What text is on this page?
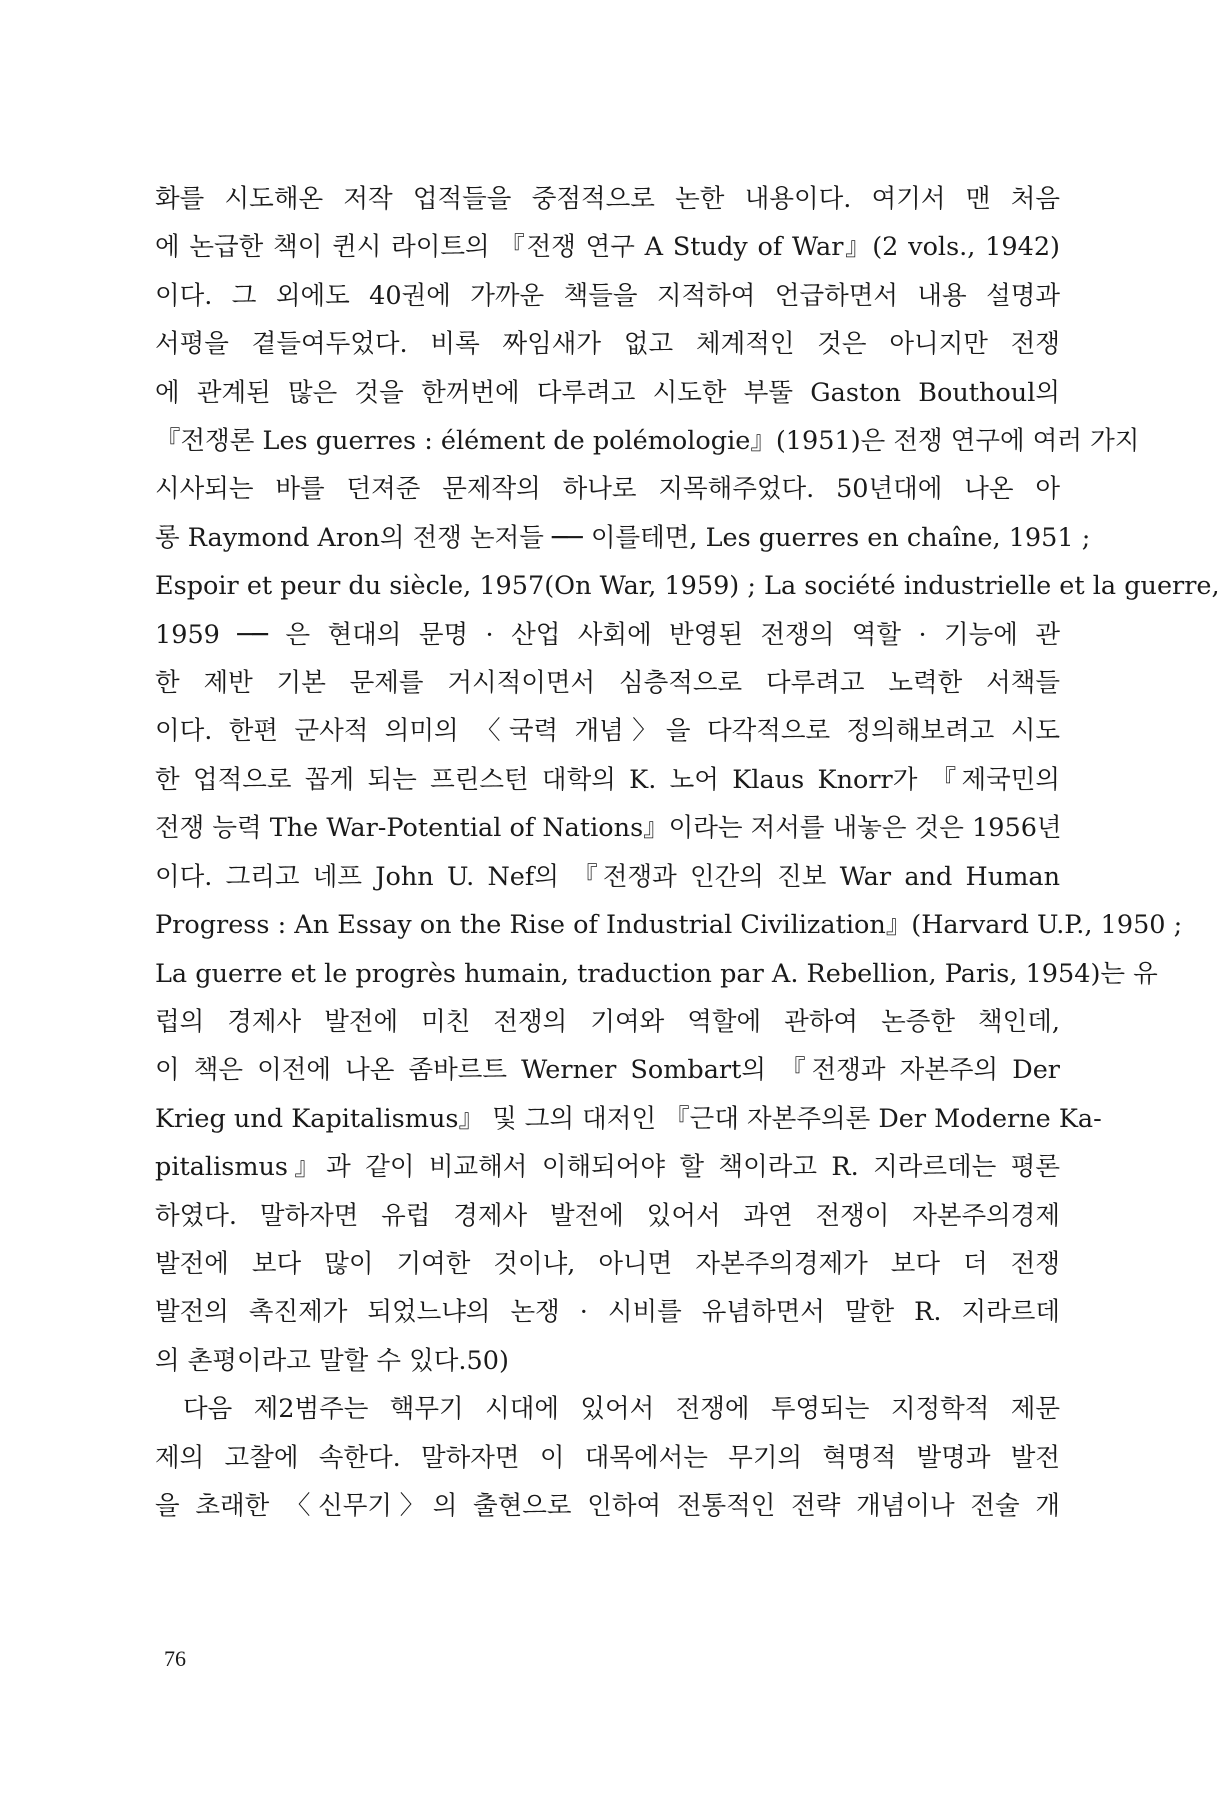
화를 시도해온 저작 업적들을 중점적으로 논한 내용이다. 여기서 맨 처음
에 논급한 책이 퀸시 라이트의 『전쟁 연구 A Study of War』(2 vols., 1942)
이다. 그 외에도 40권에 가까운 책들을 지적하여 언급하면서 내용 설명과
서평을 곁들여두었다. 비록 짜임새가 없고 체계적인 것은 아니지만 전쟁
에 관계된 많은 것을 한꺼번에 다루려고 시도한 부뚤 Gaston Bouthoul의
『전쟁론 Les guerres : élément de polémologie』(1951)은 전쟁 연구에 여러 가지
시사되는 바를 던져준 문제작의 하나로 지목해주었다. 50년대에 나온 아
롱 Raymond Aron의 전쟁 논저들 ── 이를테면, Les guerres en chaîne, 1951 ;
Espoir et peur du siècle, 1957(On War, 1959) ; La société industrielle et la guerre,
1959 ── 은 현대의 문명 · 산업 사회에 반영된 전쟁의 역할 · 기능에 관
한 제반 기본 문제를 거시적이면서 심층적으로 다루려고 노력한 서책들
이다. 한편 군사적 의미의 〈국력 개념〉을 다각적으로 정의해보려고 시도
한 업적으로 꼽게 되는 프린스턴 대학의 K. 노어 Klaus Knorr가 『제국민의
전쟁 능력 The War-Potential of Nations』이라는 저서를 내놓은 것은 1956년
이다. 그리고 네프 John U. Nef의 『전쟁과 인간의 진보 War and Human
Progress : An Essay on the Rise of Industrial Civilization』(Harvard U.P., 1950 ;
La guerre et le progrès humain, traduction par A. Rebellion, Paris, 1954)는 유
럽의 경제사 발전에 미친 전쟁의 기여와 역할에 관하여 논증한 책인데,
이 책은 이전에 나온 좀바르트 Werner Sombart의 『전쟁과 자본주의 Der
Krieg und Kapitalismus』 및 그의 대저인 『근대 자본주의론 Der Moderne Ka-
pitalismus』과 같이 비교해서 이해되어야 할 책이라고 R. 지라르데는 평론
하였다. 말하자면 유럽 경제사 발전에 있어서 과연 전쟁이 자본주의경제
발전에 보다 많이 기여한 것이냐, 아니면 자본주의경제가 보다 더 전쟁
발전의 촉진제가 되었느냐의 논쟁 · 시비를 유념하면서 말한 R. 지라르데
의 촌평이라고 말할 수 있다.50)
다음 제2범주는 핵무기 시대에 있어서 전쟁에 투영되는 지정학적 제문
제의 고찰에 속한다. 말하자면 이 대목에서는 무기의 혁명적 발명과 발전
을 초래한 〈신무기〉의 출현으로 인하여 전통적인 전략 개념이나 전술 개
76
